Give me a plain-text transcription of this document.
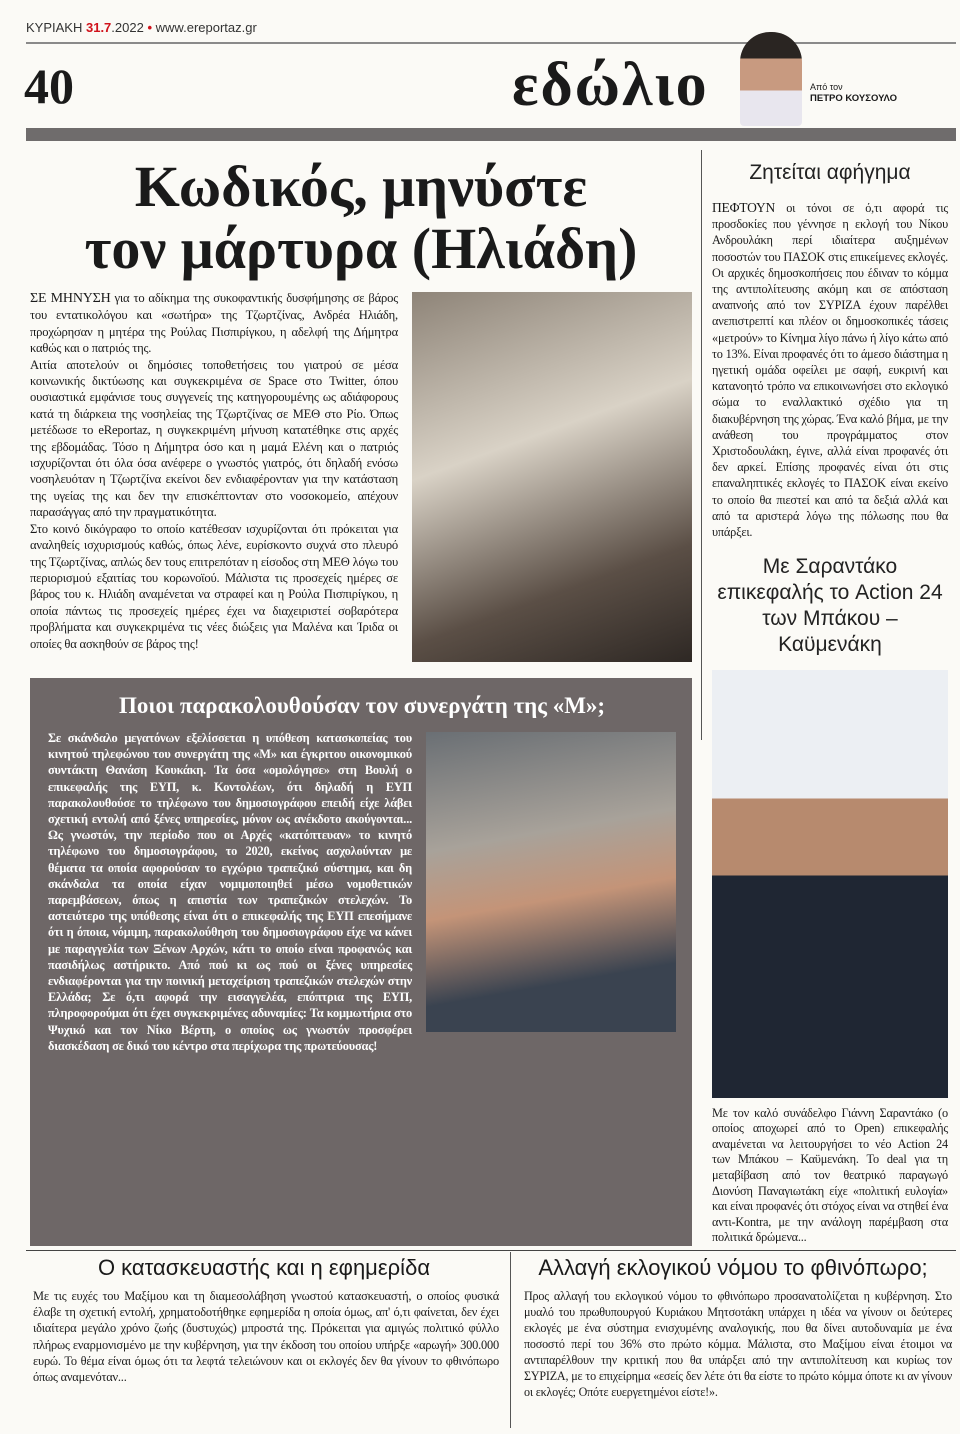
ΚΥΡΙΑΚΗ 31.7.2022 • www.ereportaz.gr
40	εδώλιο	Από τον
ΠΕΤΡΟ ΚΟΥΣΟΥΛΟ
Κωδικός, μηνύστε
τον μάρτυρα (Ηλιάδη)

ΣΕ ΜΗΝΥΣΗ για το αδίκημα της συκοφαντικής δυσφήμησης σε βάρος του εντατικολόγου και «σωτήρα» της Τζωρτζίνας, Ανδρέα Ηλιάδη, προχώρησαν η μητέρα της Ρούλας Πισπιρίγκου, η αδελφή της Δήμητρα καθώς και ο πατριός της.

Αιτία αποτελούν οι δημόσιες τοποθετήσεις του γιατρού σε μέσα κοινωνικής δικτύωσης και συγκεκριμένα σε Space στο Twitter, όπου ουσιαστικά εμφάνισε τους συγγενείς της κατηγορουμένης ως αδιάφορους κατά τη διάρκεια της νοσηλείας της Τζωρτζίνας σε ΜΕΘ στο Ρίο. Όπως μετέδωσε το eReportaz, η συγκεκριμένη μήνυση κατατέθηκε στις αρχές της εβδομάδας. Τόσο η Δήμητρα όσο και η μαμά Ελένη και ο πατριός ισχυρίζονται ότι όλα όσα ανέφερε ο γνωστός γιατρός, ότι δηλαδή ενόσω νοσηλευόταν η Τζωρτζίνα εκείνοι δεν ενδιαφέρονταν για την κατάσταση της υγείας της και δεν την επισκέπτονταν στο νοσοκομείο, απέχουν παρασάγγας από την πραγματικότητα.

Στο κοινό δικόγραφο το οποίο κατέθεσαν ισχυρίζονται ότι πρόκειται για αναληθείς ισχυρισμούς καθώς, όπως λένε, ευρίσκοντο συχνά στο πλευρό της Τζωρτζίνας, απλώς δεν τους επιτρεπόταν η είσοδος στη ΜΕΘ λόγω του περιορισμού εξαιτίας του κορωνοϊού. Μάλιστα τις προσεχείς ημέρες σε βάρος του κ. Ηλιάδη αναμένεται να στραφεί και η Ρούλα Πισπιρίγκου, η οποία πάντως τις προσεχείς ημέρες έχει να διαχειριστεί σοβαρότερα προβλήματα και συγκεκριμένα τις νέες διώξεις για Μαλένα και Ίριδα οι οποίες θα ασκηθούν σε βάρος της!

Ποιοι παρακολουθούσαν τον συνεργάτη της «Μ»;
Σε σκάνδαλο μεγατόνων εξελίσσεται η υπόθεση κατασκοπείας του κινητού τηλεφώνου του συνεργάτη της «Μ» και έγκριτου οικονομικού συντάκτη Θανάση Κουκάκη. Τα όσα «ομολόγησε» στη Βουλή ο επικεφαλής της ΕΥΠ, κ. Κοντολέων, ότι δηλαδή η ΕΥΠ παρακολουθούσε το τηλέφωνο του δημοσιογράφου επειδή είχε λάβει σχετική εντολή από ξένες υπηρεσίες, μόνον ως ανέκδοτο ακούγονται... Ως γνωστόν, την περίοδο που οι Αρχές «κατόπτευαν» το κινητό τηλέφωνο του δημοσιογράφου, το 2020, εκείνος ασχολούνταν με θέματα τα οποία αφορούσαν το εγχώριο τραπεζικό σύστημα, και δη σκάνδαλα τα οποία είχαν νομιμοποιηθεί μέσω νομοθετικών παρεμβάσεων, όπως η απιστία των τραπεζικών στελεχών. Το αστειότερο της υπόθεσης είναι ότι ο επικεφαλής της ΕΥΠ επεσήμανε ότι η όποια, νόμιμη, παρακολούθηση του δημοσιογράφου είχε να κάνει με παραγγελία των Ξένων Αρχών, κάτι το οποίο είναι προφανώς και πασιδήλως αστήρικτο. Από πού κι ως πού οι ξένες υπηρεσίες ενδιαφέρονται για την ποινική μεταχείριση τραπεζικών στελεχών στην Ελλάδα; Σε ό,τι αφορά την εισαγγελέα, επόπτρια της ΕΥΠ, πληροφορούμαι ότι έχει συγκεκριμένες αδυναμίες: Τα κομμωτήρια στο Ψυχικό και τον Νίκο Βέρτη, ο οποίος ως γνωστόν προσφέρει διασκέδαση σε δικό του κέντρο στα περίχωρα της πρωτεύουσας!
Ζητείται αφήγημα
ΠΕΦΤΟΥΝ οι τόνοι σε ό,τι αφορά τις προσδοκίες που γέννησε η εκλογή του Νίκου Ανδρουλάκη περί ιδιαίτερα αυξημένων ποσοστών του ΠΑΣΟΚ στις επικείμενες εκλογές. Οι αρχικές δημοσκοπήσεις που έδιναν το κόμμα της αντιπολίτευσης ακόμη και σε απόσταση αναπνοής από τον ΣΥΡΙΖΑ έχουν παρέλθει ανεπιστρεπτί και πλέον οι δημοσκοπικές τάσεις «μετρούν» το Κίνημα λίγο πάνω ή λίγο κάτω από το 13%. Είναι προφανές ότι το άμεσο διάστημα η ηγετική ομάδα οφείλει με σαφή, ευκρινή και κατανοητό τρόπο να επικοινωνήσει στο εκλογικό σώμα το εναλλακτικό σχέδιο για τη διακυβέρνηση της χώρας. Ένα καλό βήμα, με την ανάθεση του προγράμματος στον Χριστοδουλάκη, έγινε, αλλά είναι προφανές ότι δεν αρκεί. Επίσης προφανές είναι ότι στις επαναληπτικές εκλογές το ΠΑΣΟΚ είναι εκείνο το οποίο θα πιεστεί και από τα δεξιά αλλά και από τα αριστερά λόγω της πόλωσης που θα υπάρξει.
Με Σαραντάκο επικεφαλής το Action 24 των Μπάκου – Καϋμενάκη
Με τον καλό συνάδελφο Γιάννη Σαραντάκο (ο οποίος αποχωρεί από το Open) επικεφαλής αναμένεται να λειτουργήσει το νέο Action 24 των Μπάκου – Καϋμενάκη. Το deal για τη μεταβίβαση από τον θεατρικό παραγωγό Διονύση Παναγιωτάκη είχε «πολιτική ευλογία» και είναι προφανές ότι στόχος είναι να στηθεί ένα αντι-Kontra, με την ανάλογη παρέμβαση στα πολιτικά δρώμενα...
Ο κατασκευαστής και η εφημερίδα
Με τις ευχές του Μαξίμου και τη διαμεσολάβηση γνωστού κατασκευαστή, ο οποίος φυσικά έλαβε τη σχετική εντολή, χρηματοδοτήθηκε εφημερίδα η οποία όμως, απ' ό,τι φαίνεται, δεν έχει ιδιαίτερα μεγάλο χρόνο ζωής (δυστυχώς) μπροστά της. Πρόκειται για αμιγώς πολιτικό φύλλο πλήρως εναρμονισμένο με την κυβέρνηση, για την έκδοση του οποίου υπήρξε «αρωγή» 300.000 ευρώ. Το θέμα είναι όμως ότι τα λεφτά τελειώνουν και οι εκλογές δεν θα γίνουν το φθινόπωρο όπως αναμενόταν...
Αλλαγή εκλογικού νόμου το φθινόπωρο;
Προς αλλαγή του εκλογικού νόμου το φθινόπωρο προσανατολίζεται η κυβέρνηση. Στο μυαλό του πρωθυπουργού Κυριάκου Μητσοτάκη υπάρχει η ιδέα να γίνουν οι δεύτερες εκλογές με ένα σύστημα ενισχυμένης αναλογικής, που θα δίνει αυτοδυναμία με ένα ποσοστό περί του 36% στο πρώτο κόμμα. Μάλιστα, στο Μαξίμου είναι έτοιμοι να αντιπαρέλθουν την κριτική που θα υπάρξει από την αντιπολίτευση και κυρίως τον ΣΥΡΙΖΑ, με το επιχείρημα «εσείς δεν λέτε ότι θα είστε το πρώτο κόμμα όποτε κι αν γίνουν οι εκλογές; Οπότε ευεργετημένοι είστε!».
